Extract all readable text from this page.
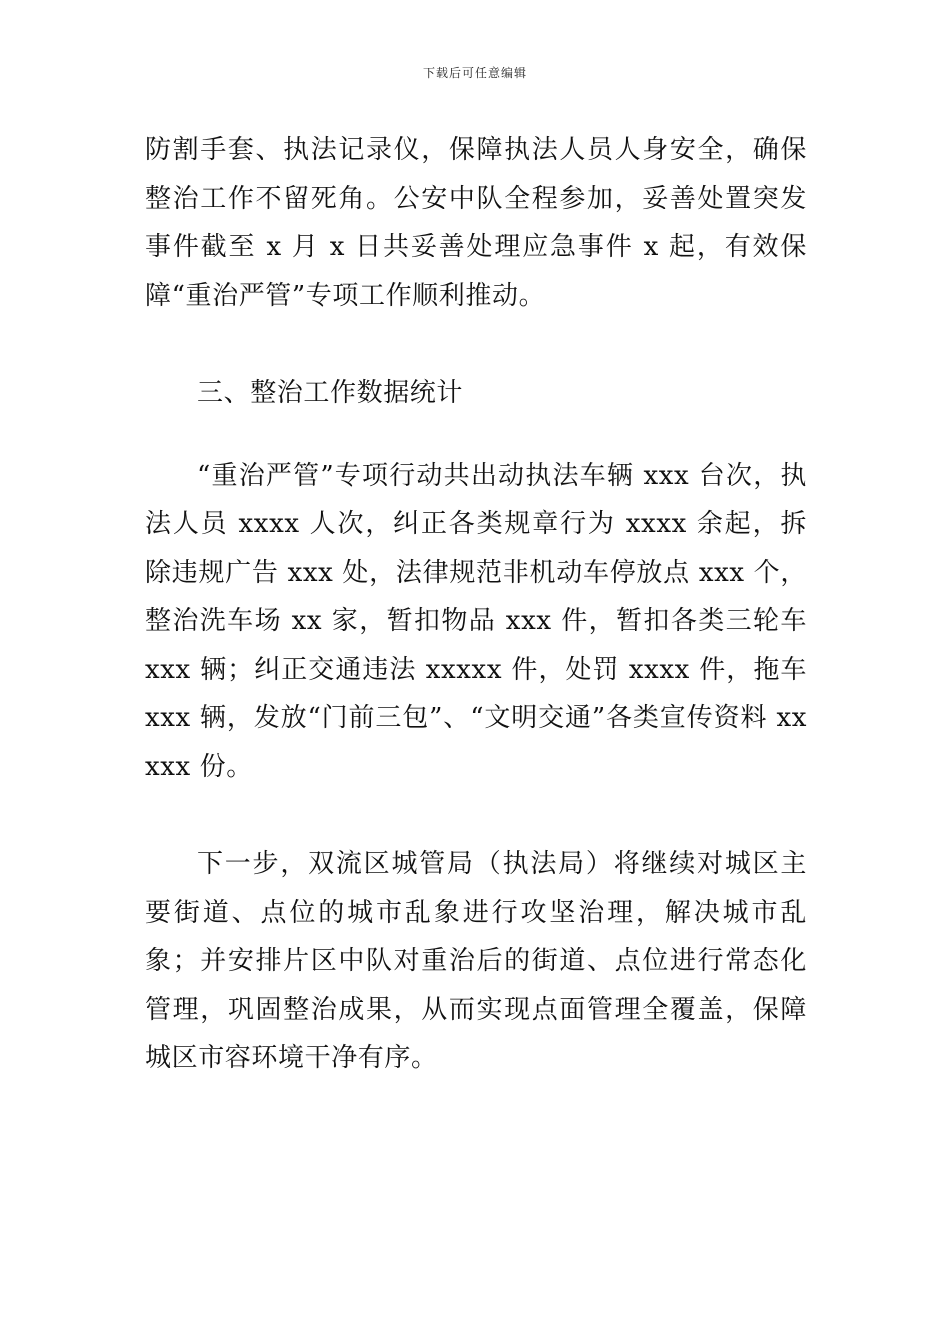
下载后可任意编辑

防割手套、执法记录仪，保障执法人员人身安全，确保整治工作不留死角。公安中队全程参加，妥善处置突发事件截至 x 月 x 日共妥善处理应急事件 x 起，有效保障“重治严管”专项工作顺利推动。

三、整治工作数据统计

“重治严管”专项行动共出动执法车辆 xxx 台次，执法人员 xxxx 人次，纠正各类规章行为 xxxx 余起，拆除违规广告 xxx 处，法律规范非机动车停放点 xxx 个，整治洗车场 xx 家，暂扣物品 xxx 件，暂扣各类三轮车 xxx 辆；纠正交通违法 xxxxx 件，处罚 xxxx 件，拖车 xxx 辆，发放“门前三包”、“文明交通”各类宣传资料 xxxxx 份。

下一步，双流区城管局（执法局）将继续对城区主要街道、点位的城市乱象进行攻坚治理，解决城市乱象；并安排片区中队对重治后的街道、点位进行常态化管理，巩固整治成果，从而实现点面管理全覆盖，保障城区市容环境干净有序。
